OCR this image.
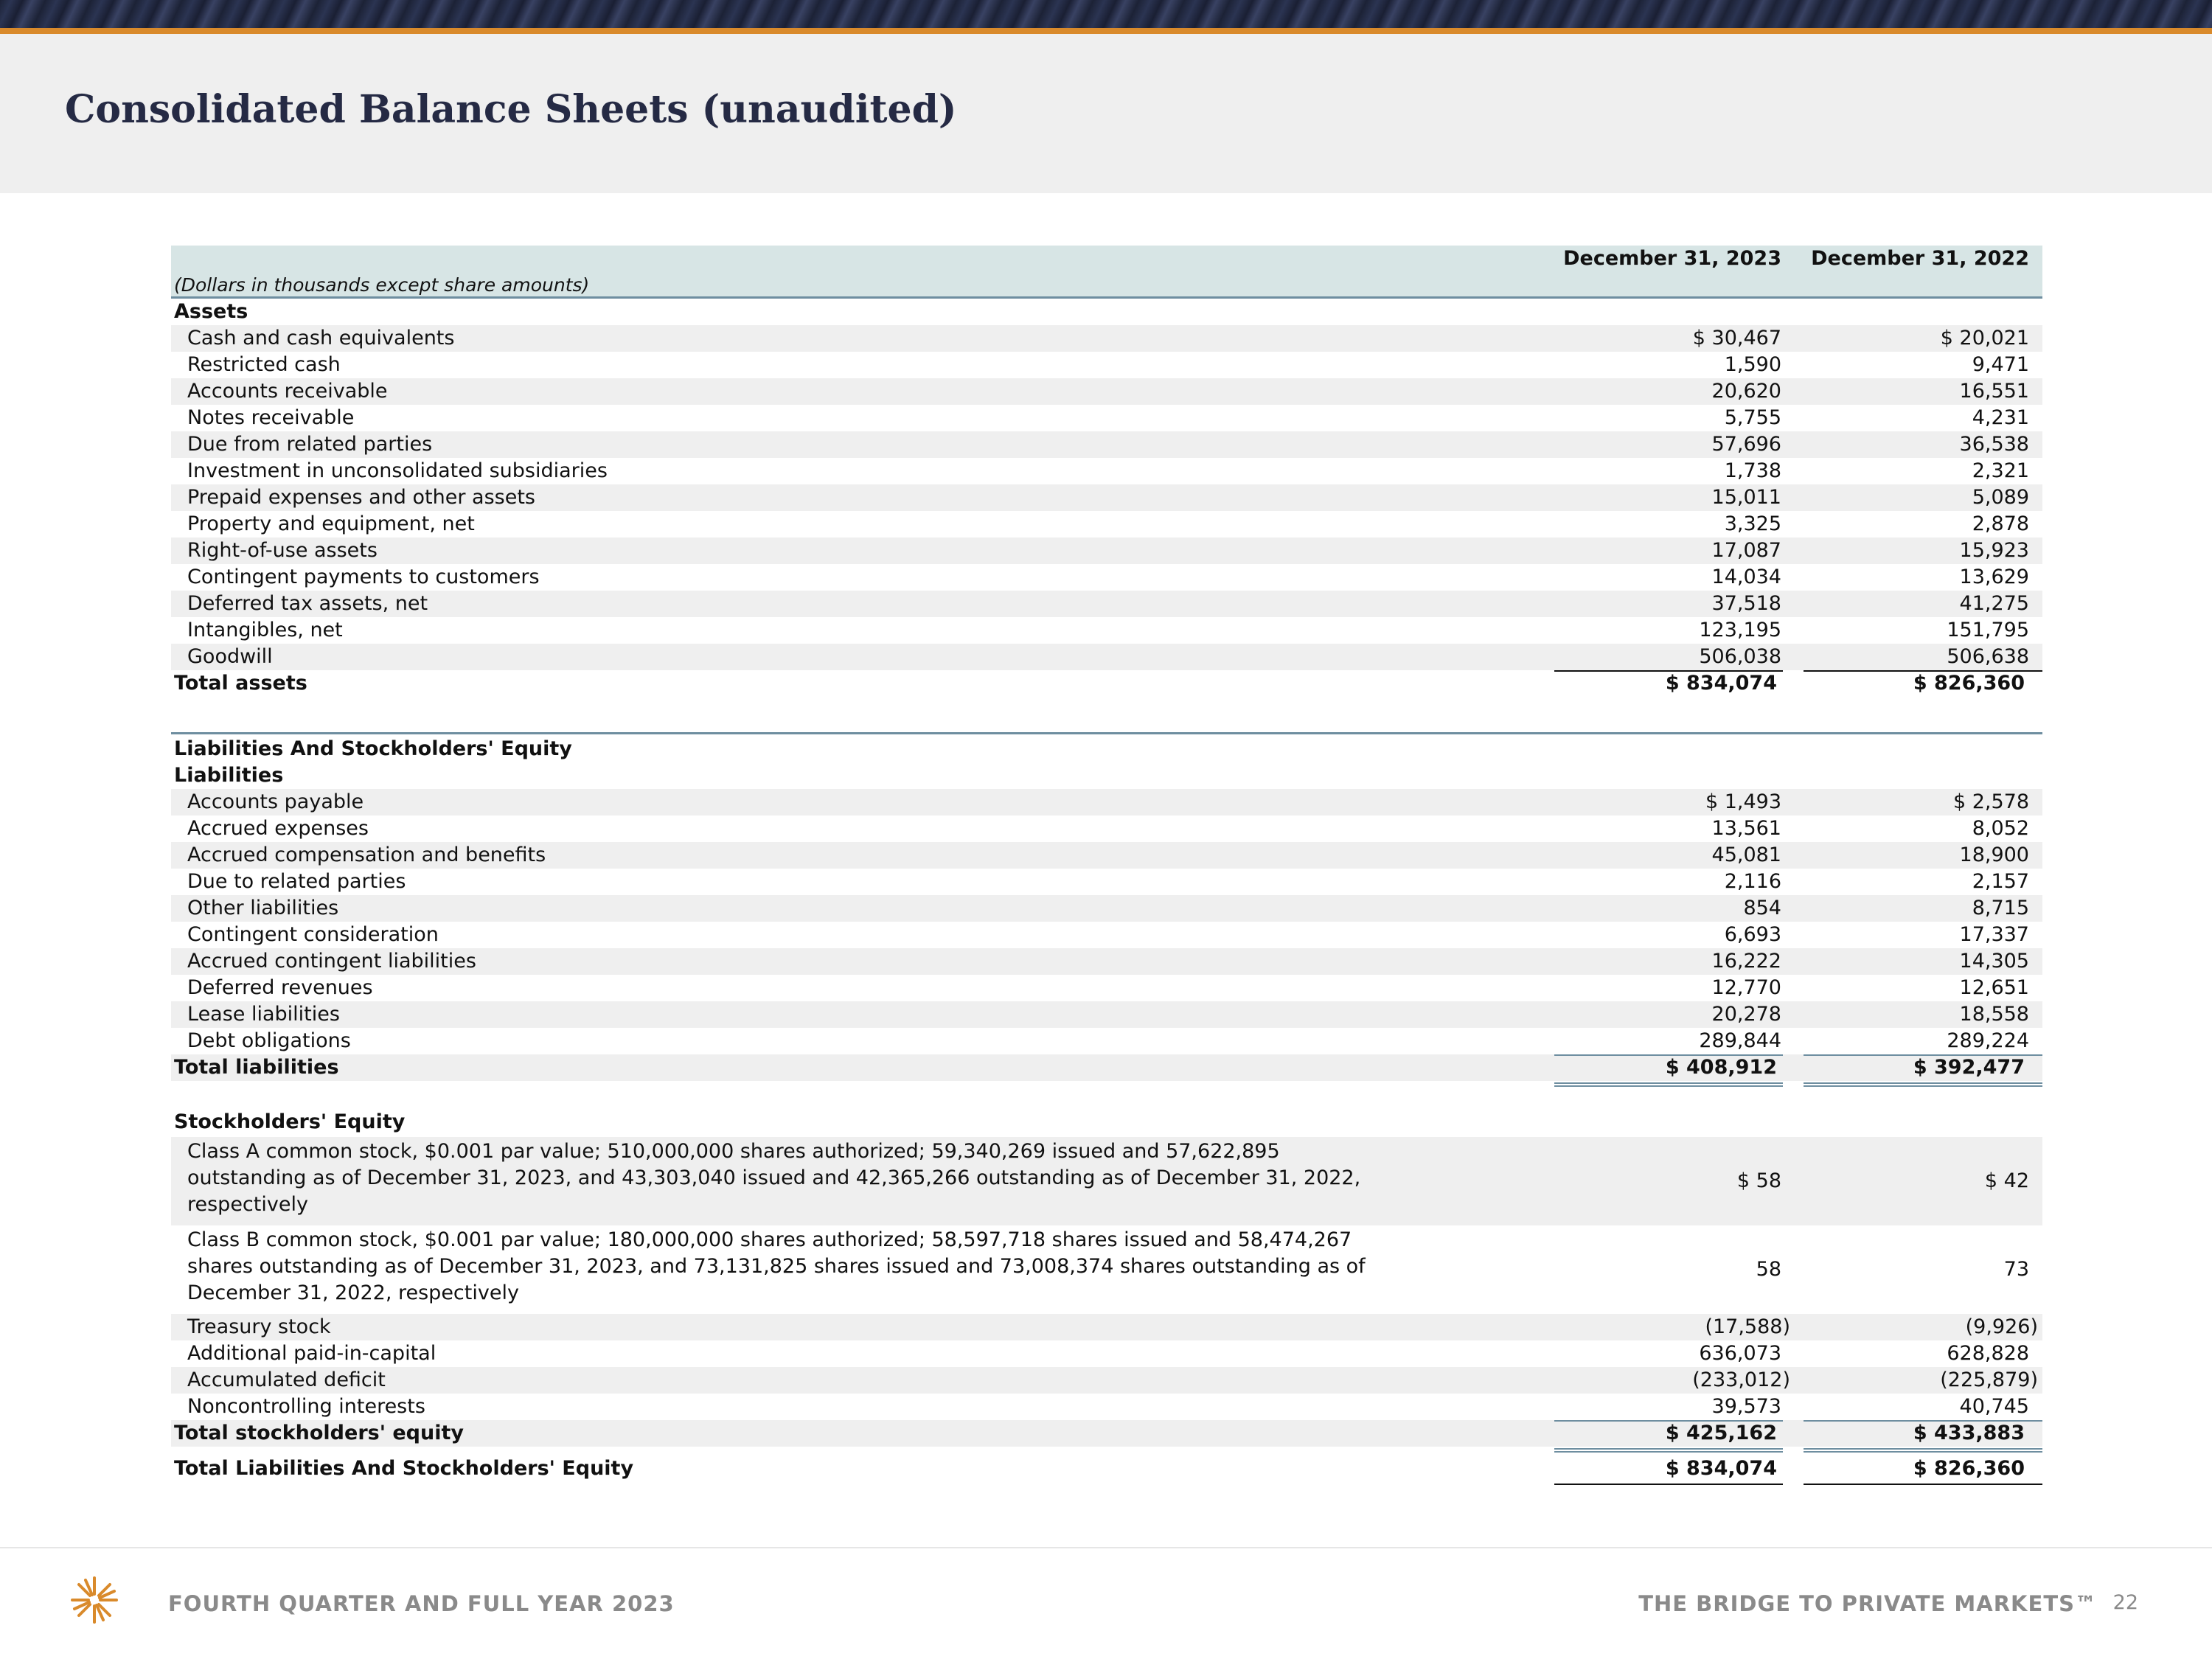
Consolidated Balance Sheets (unaudited)
December 31, 2023 December 31, 2022
(Dollars in thousands except share amounts)
Assets
Cash and cash equivalents	$ 30,467	$ 20,021
Restricted cash	1,590	9,471
Accounts receivable	20,620	16,551
Notes receivable	5,755	4,231
Due from related parties	57,696	36,538
Investment in unconsolidated subsidiaries	1,738	2,321
Prepaid expenses and other assets	15,011	5,089
Property and equipment, net	3,325	2,878
Right-of-use assets	17,087	15,923
Contingent payments to customers	14,034	13,629
Deferred tax assets, net	37,518	41,275
Intangibles, net	123,195	151,795
Goodwill	506,038	506,638
Total assets	$ 834,074	$ 826,360
Liabilities And Stockholders' Equity
Liabilities
Accounts payable	$ 1,493	$ 2,578
Accrued expenses	13,561	8,052
Accrued compensation and benefits	45,081	18,900
Due to related parties	2,116	2,157
Other liabilities	854	8,715
Contingent consideration	6,693	17,337
Accrued contingent liabilities	16,222	14,305
Deferred revenues	12,770	12,651
Lease liabilities	20,278	18,558
Debt obligations	289,844	289,224
Total liabilities	$ 408,912	$ 392,477
Stockholders' Equity
Class A common stock, $0.001 par value; 510,000,000 shares authorized; 59,340,269 issued and 57,622,895 outstanding as of December 31, 2023, and 43,303,040 issued and 42,365,266 outstanding as of December 31, 2022, respectively
$ 58	$ 42
Class B common stock, $0.001 par value; 180,000,000 shares authorized; 58,597,718 shares issued and 58,474,267 shares outstanding as of December 31, 2023, and 73,131,825 shares issued and 73,008,374 shares outstanding as of December 31, 2022, respectively
58	73
Treasury stock	(17,588)	(9,926)
Additional paid-in-capital	636,073	628,828
Accumulated deficit	(233,012)	(225,879)
Noncontrolling interests	39,573	40,745
Total stockholders' equity	$ 425,162	$ 433,883
Total Liabilities And Stockholders' Equity	$ 834,074	$ 826,360
FOURTH QUARTER AND FULL YEAR 2023	THE BRIDGE TO PRIVATE MARKETS™ 22
